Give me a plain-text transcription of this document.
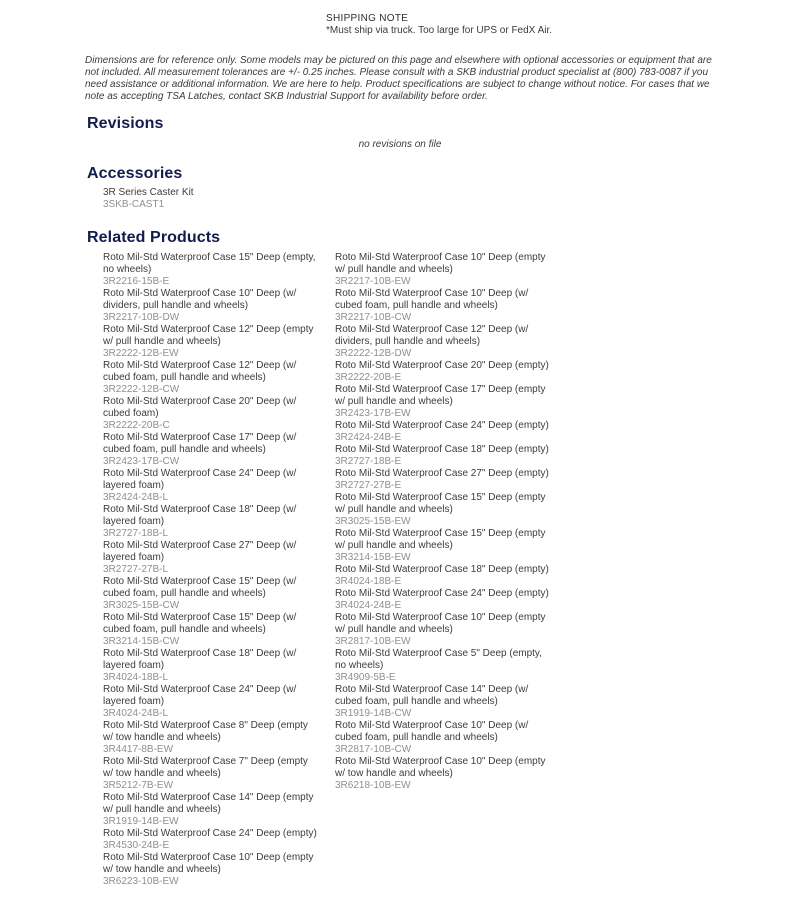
SHIPPING NOTE
*Must ship via truck. Too large for UPS or FedX Air.

Dimensions are for reference only. Some models may be pictured on this page and elsewhere with optional accessories or equipment that are not included. All measurement tolerances are +/- 0.25 inches. Please consult with a SKB industrial product specialist at (800) 783-0087 if you need assistance or additional information. We are here to help. Product specifications are subject to change without notice. For cases that we note as accepting TSA Latches, contact SKB Industrial Support for availability before order.

Revisions
no revisions on file
Accessories
3R Series Caster Kit
3SKB-CAST1
Related Products
Roto Mil-Std Waterproof Case 15" Deep (empty, no wheels)
3R2216-15B-E
Roto Mil-Std Waterproof Case 10" Deep (w/ dividers, pull handle and wheels)
3R2217-10B-DW
Roto Mil-Std Waterproof Case 12" Deep (empty w/ pull handle and wheels)
3R2222-12B-EW
Roto Mil-Std Waterproof Case 12" Deep (w/ cubed foam, pull handle and wheels)
3R2222-12B-CW
Roto Mil-Std Waterproof Case 20" Deep (w/ cubed foam)
3R2222-20B-C
Roto Mil-Std Waterproof Case 17" Deep (w/ cubed foam, pull handle and wheels)
3R2423-17B-CW
Roto Mil-Std Waterproof Case 24" Deep (w/ layered foam)
3R2424-24B-L
Roto Mil-Std Waterproof Case 18" Deep (w/ layered foam)
3R2727-18B-L
Roto Mil-Std Waterproof Case 27" Deep (w/ layered foam)
3R2727-27B-L
Roto Mil-Std Waterproof Case 15" Deep (w/ cubed foam, pull handle and wheels)
3R3025-15B-CW
Roto Mil-Std Waterproof Case 15" Deep (w/ cubed foam, pull handle and wheels)
3R3214-15B-CW
Roto Mil-Std Waterproof Case 18" Deep (w/ layered foam)
3R4024-18B-L
Roto Mil-Std Waterproof Case 24" Deep (w/ layered foam)
3R4024-24B-L
Roto Mil-Std Waterproof Case 8" Deep (empty w/ tow handle and wheels)
3R4417-8B-EW
Roto Mil-Std Waterproof Case 7" Deep (empty w/ tow handle and wheels)
3R5212-7B-EW
Roto Mil-Std Waterproof Case 14" Deep (empty w/ pull handle and wheels)
3R1919-14B-EW
Roto Mil-Std Waterproof Case 24" Deep (empty)
3R4530-24B-E
Roto Mil-Std Waterproof Case 10" Deep (empty w/ tow handle and wheels)
3R6223-10B-EW
Roto Mil-Std Waterproof Case 10" Deep (empty w/ pull handle and wheels)
3R2217-10B-EW
Roto Mil-Std Waterproof Case 10" Deep (w/ cubed foam, pull handle and wheels)
3R2217-10B-CW
Roto Mil-Std Waterproof Case 12" Deep (w/ dividers, pull handle and wheels)
3R2222-12B-DW
Roto Mil-Std Waterproof Case 20" Deep (empty)
3R2222-20B-E
Roto Mil-Std Waterproof Case 17" Deep (empty w/ pull handle and wheels)
3R2423-17B-EW
Roto Mil-Std Waterproof Case 24" Deep (empty)
3R2424-24B-E
Roto Mil-Std Waterproof Case 18" Deep (empty)
3R2727-18B-E
Roto Mil-Std Waterproof Case 27" Deep (empty)
3R2727-27B-E
Roto Mil-Std Waterproof Case 15" Deep (empty w/ pull handle and wheels)
3R3025-15B-EW
Roto Mil-Std Waterproof Case 15" Deep (empty w/ pull handle and wheels)
3R3214-15B-EW
Roto Mil-Std Waterproof Case 18" Deep (empty)
3R4024-18B-E
Roto Mil-Std Waterproof Case 24" Deep (empty)
3R4024-24B-E
Roto Mil-Std Waterproof Case 10" Deep (empty w/ pull handle and wheels)
3R2817-10B-EW
Roto Mil-Std Waterproof Case 5" Deep (empty, no wheels)
3R4909-5B-E
Roto Mil-Std Waterproof Case 14" Deep (w/ cubed foam, pull handle and wheels)
3R1919-14B-CW
Roto Mil-Std Waterproof Case 10" Deep (w/ cubed foam, pull handle and wheels)
3R2817-10B-CW
Roto Mil-Std Waterproof Case 10" Deep (empty w/ tow handle and wheels)
3R6218-10B-EW
